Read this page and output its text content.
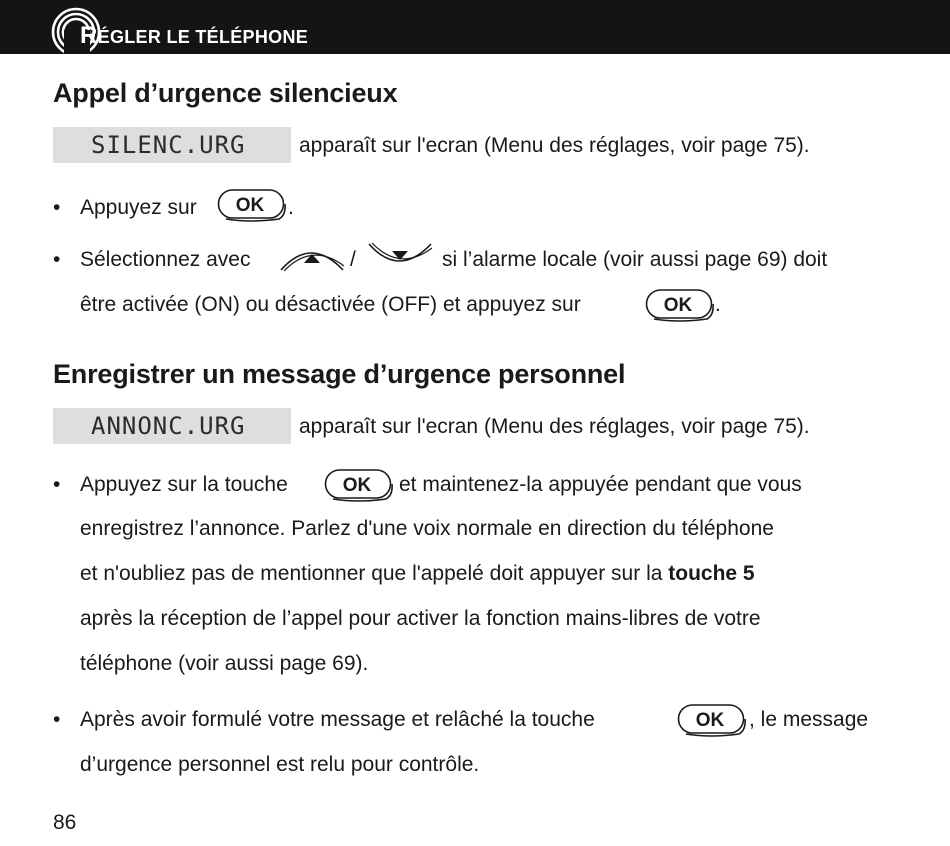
RÉGLER LE TÉLÉPHONE
Appel d’urgence silencieux
SILENC.URG	apparaît sur l'ecran (Menu des réglages, voir page 75).
• Appuyez sur	OK	.
• Sélectionnez avec	/	si l’alarme locale (voir aussi page 69) doit
être activée (ON) ou désactivée (OFF) et appuyez sur	OK	.
Enregistrer un message d’urgence personnel
ANNONC.URG	apparaît sur l'ecran (Menu des réglages, voir page 75).
• Appuyez sur la touche	OK	et maintenez-la appuyée pendant que vous
enregistrez l’annonce. Parlez d'une voix normale en direction du téléphone
et n'oubliez pas de mentionner que l'appelé doit appuyer sur la touche 5
après la réception de l’appel pour activer la fonction mains-libres de votre
téléphone (voir aussi page 69).
• Après avoir formulé votre message et relâché la touche	OK	, le message
d’urgence personnel est relu pour contrôle.
86
